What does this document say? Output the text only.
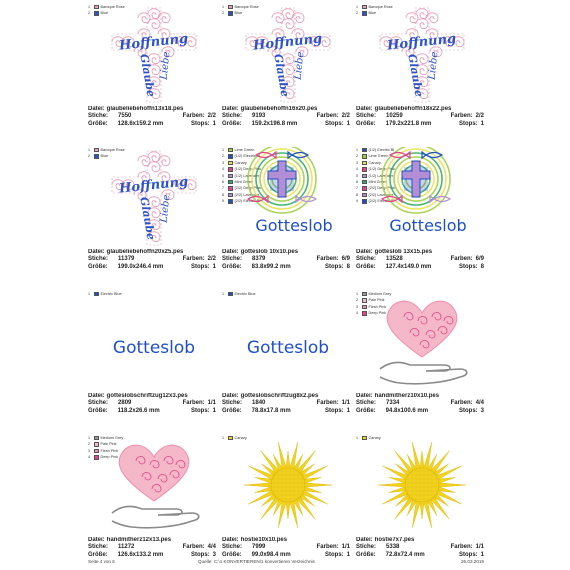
1	Baroque Rose
2	Blue
Hoffnung
Glaube Liebe
Datei: glaubeliebehoffn13x18.pes
Stiche: 7550	Farben: 2/2
Größe: 128.6x159.2 mm	Stops: 1
1	Baroque Rose
2	Blue
Hoffnung
Glaube Liebe
Datei: glaubeliebehoffn16x20.pes
Stiche: 9193	Farben: 2/2
Größe: 159.2x196.8 mm	Stops: 1
1	Baroque Rose
2	Blue
Hoffnung
Glaube Liebe
Datei: glaubeliebehoffn18x22.pes
Stiche: 10259	Farben: 2/2
Größe: 179.2x221.8 mm	Stops: 1
1	Baroque Rose
2	Blue
Hoffnung
Glaube Liebe
Datei: glaubeliebehoffn20x25.pes
Stiche: 11379	Farben: 2/2
Größe: 199.0x246.4 mm	Stops: 1
1	Lime Green
2	(1/2) Electric Bl
3	Canary
4	(1/2) Deep Pink
5	(1/2) Lavender
6	Mint Green
7	(2/2) Deep Pink
8	(2/2) Lavender
9	(2/2) Electric Bl
Gotteslob
Datei: gotteslob 10x10.pes
Stiche: 8379	Farben: 6/9
Größe: 83.8x99.2 mm	Stops: 8
1	(1/2) Electric Bl
2	Lime Green
3	Canary
4	(1/2) Deep Pink
5	(1/2) Lavender
6	Mint Green
7	(2/2) Deep Pink
8	(2/2) Lavender
9	(2/2) Electric Bl
Gotteslob
Datei: gotteslob 13x15.pes
Stiche: 13528	Farben: 6/9
Größe: 127.4x149.0 mm	Stops: 8
1	Electric Blue
Gotteslob
Datei: gotteslobschriftzug12x3.pes
Stiche: 2809	Farben: 1/1
Größe: 118.2x26.6 mm	Stops: 1
1	Electric Blue
Gotteslob
Datei: gotteslobschriftzug8x2.pes
Stiche: 1840	Farben: 1/1
Größe: 78.8x17.8 mm	Stops: 1
1	Medium Grey
2	Pale Pink
3	Flesh Pink
4	Deep Pink
Datei: handmitherz10x10.pes
Stiche: 7334	Farben: 4/4
Größe: 94.8x100.6 mm	Stops: 3
1	Medium Grey
2	Pale Pink
3	Flesh Pink
4	Deep Pink
Datei: handmitherz12x13.pes
Stiche: 11272	Farben: 4/4
Größe: 126.6x133.2 mm	Stops: 3
1	Canary
Datei: hostie10x10.pes
Stiche: 7999	Farben: 1/1
Größe: 99.0x98.4 mm	Stops: 1
1	Canary
Datei: hostie7x7.pes
Stiche: 5338	Farben: 1/1
Größe: 72.8x72.4 mm	Stops: 1
Seite 4 von 6	Quelle: C:\1 KONVERTIEREN\1 konvertieren Verzeichnis	26.03.2019
